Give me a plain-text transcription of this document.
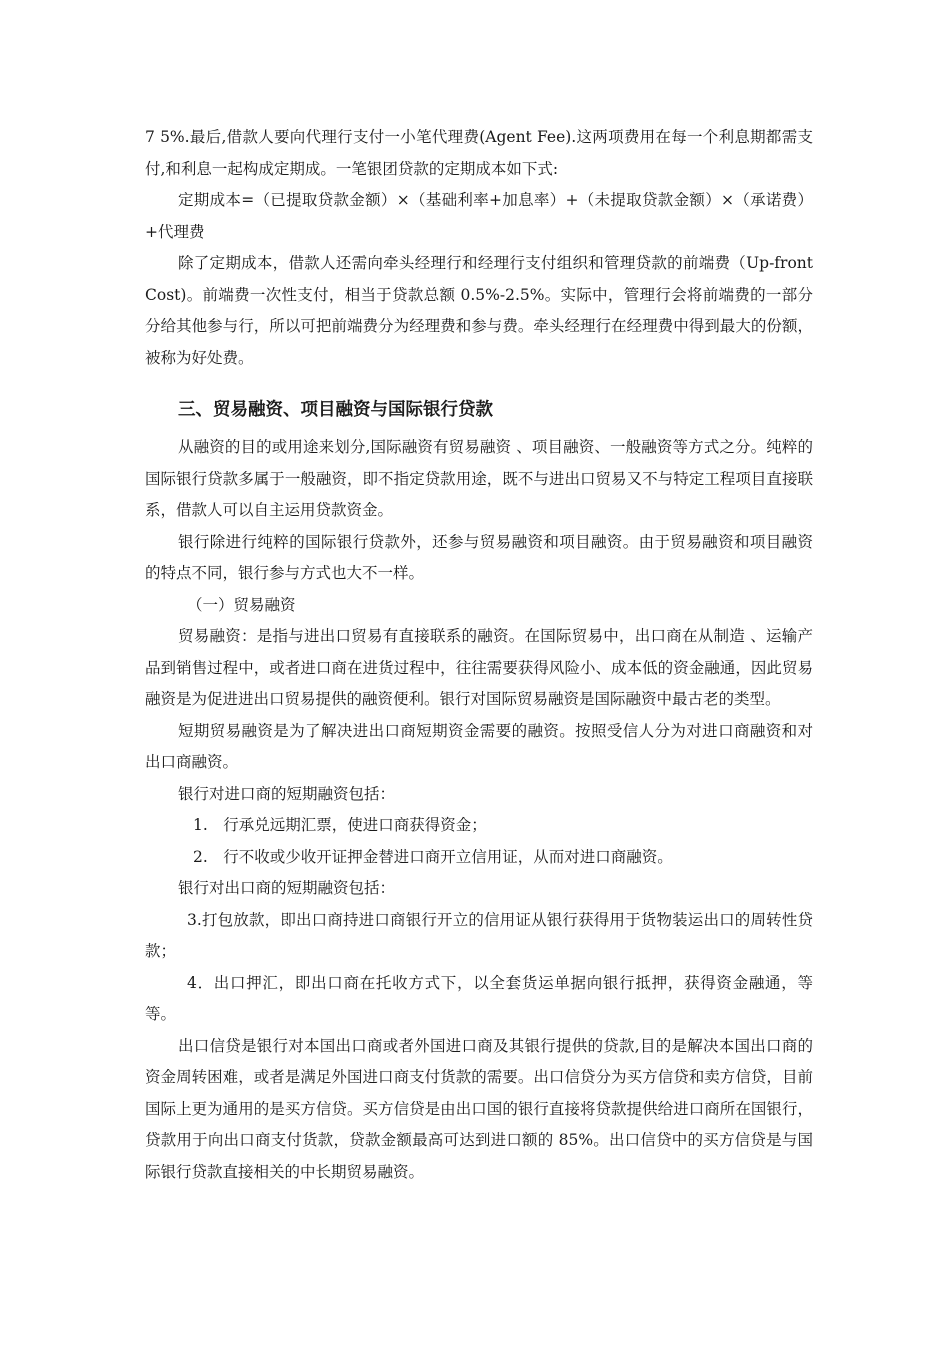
7 5%.最后,借款人要向代理行支付一小笔代理费(Agent Fee).这两项费用在每一个利息期都需支付,和利息一起构成定期成。一笔银团贷款的定期成本如下式:

定期成本=（已提取贷款金额）×（基础利率+加息率）+（未提取贷款金额）×（承诺费）+代理费

除了定期成本，借款人还需向牵头经理行和经理行支付组织和管理贷款的前端费（Up-front Cost)。前端费一次性支付，相当于贷款总额 0.5%-2.5%。实际中，管理行会将前端费的一部分分给其他参与行，所以可把前端费分为经理费和参与费。牵头经理行在经理费中得到最大的份额，被称为好处费。

三、贸易融资、项目融资与国际银行贷款

从融资的目的或用途来划分,国际融资有贸易融资 、项目融资、一般融资等方式之分。纯粹的国际银行贷款多属于一般融资，即不指定贷款用途，既不与进出口贸易又不与特定工程项目直接联系，借款人可以自主运用贷款资金。

银行除进行纯粹的国际银行贷款外，还参与贸易融资和项目融资。由于贸易融资和项目融资的特点不同，银行参与方式也大不一样。

（一）贸易融资

贸易融资：是指与进出口贸易有直接联系的融资。在国际贸易中，出口商在从制造 、运输产品到销售过程中，或者进口商在进货过程中，往往需要获得风险小、成本低的资金融通，因此贸易融资是为促进进出口贸易提供的融资便利。银行对国际贸易融资是国际融资中最古老的类型。

短期贸易融资是为了解决进出口商短期资金需要的融资。按照受信人分为对进口商融资和对出口商融资。

银行对进口商的短期融资包括：

1.　行承兑远期汇票，使进口商获得资金；

2.　行不收或少收开证押金替进口商开立信用证，从而对进口商融资。

银行对出口商的短期融资包括：

3.打包放款，即出口商持进口商银行开立的信用证从银行获得用于货物装运出口的周转性贷款；

4．出口押汇，即出口商在托收方式下，以全套货运单据向银行抵押，获得资金融通，等等。

出口信贷是银行对本国出口商或者外国进口商及其银行提供的贷款,目的是解决本国出口商的资金周转困难，或者是满足外国进口商支付货款的需要。出口信贷分为买方信贷和卖方信贷，目前国际上更为通用的是买方信贷。买方信贷是由出口国的银行直接将贷款提供给进口商所在国银行，贷款用于向出口商支付货款，贷款金额最高可达到进口额的 85%。出口信贷中的买方信贷是与国际银行贷款直接相关的中长期贸易融资。
